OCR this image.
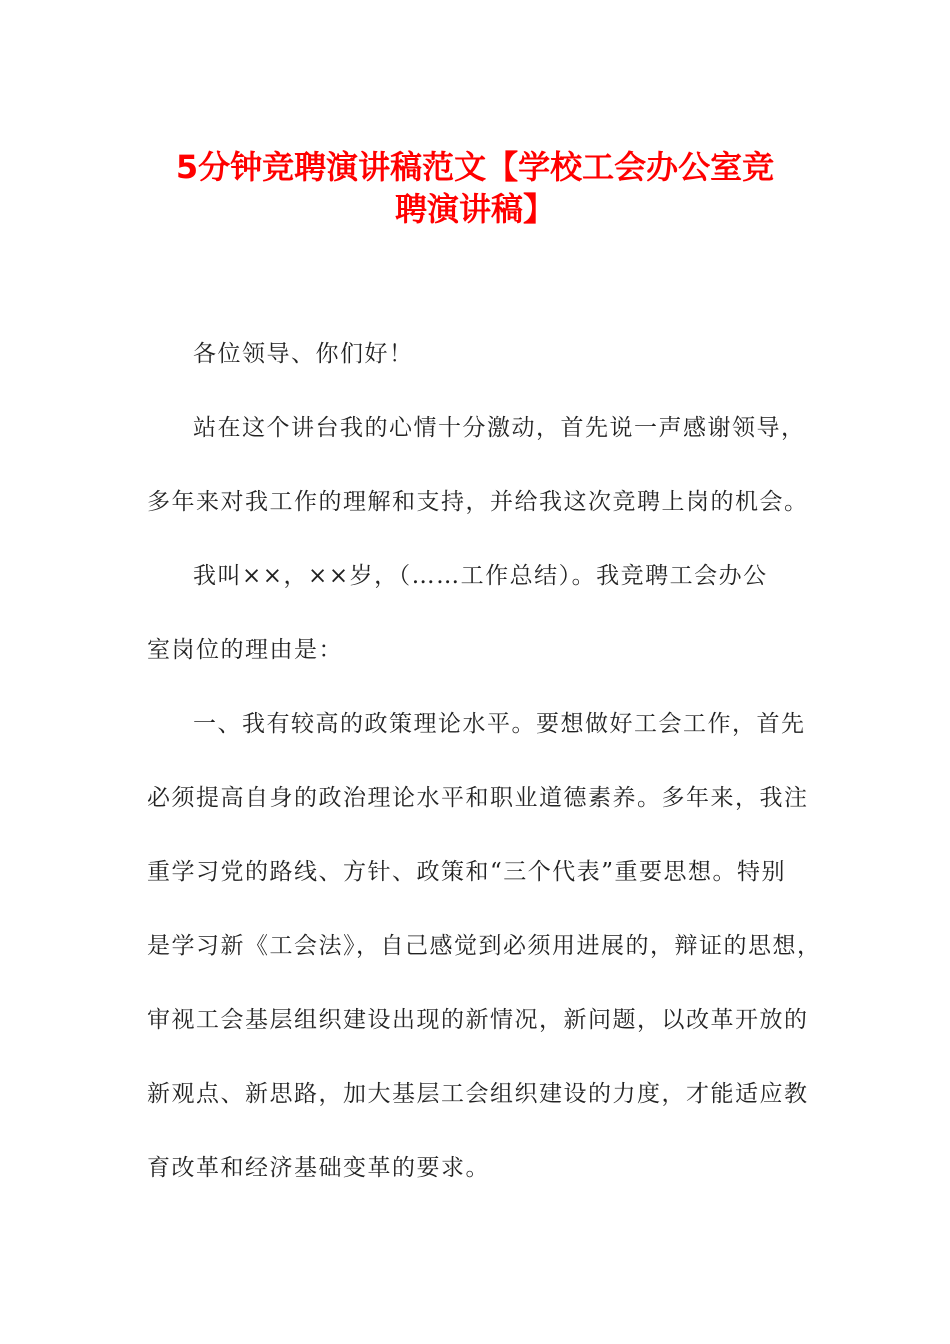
5分钟竞聘演讲稿范文【学校工会办公室竞
聘演讲稿】
各位领导、你们好！
站在这个讲台我的心情十分激动，首先说一声感谢领导，
多年来对我工作的理解和支持，并给我这次竞聘上岗的机会。
我叫××，××岁，（……工作总结）。我竞聘工会办公
室岗位的理由是：
一、我有较高的政策理论水平。要想做好工会工作，首先
必须提高自身的政治理论水平和职业道德素养。多年来，我注
重学习党的路线、方针、政策和“三个代表”重要思想。特别
是学习新《工会法》，自己感觉到必须用进展的，辩证的思想，
审视工会基层组织建设出现的新情况，新问题，以改革开放的
新观点、新思路，加大基层工会组织建设的力度，才能适应教
育改革和经济基础变革的要求。
